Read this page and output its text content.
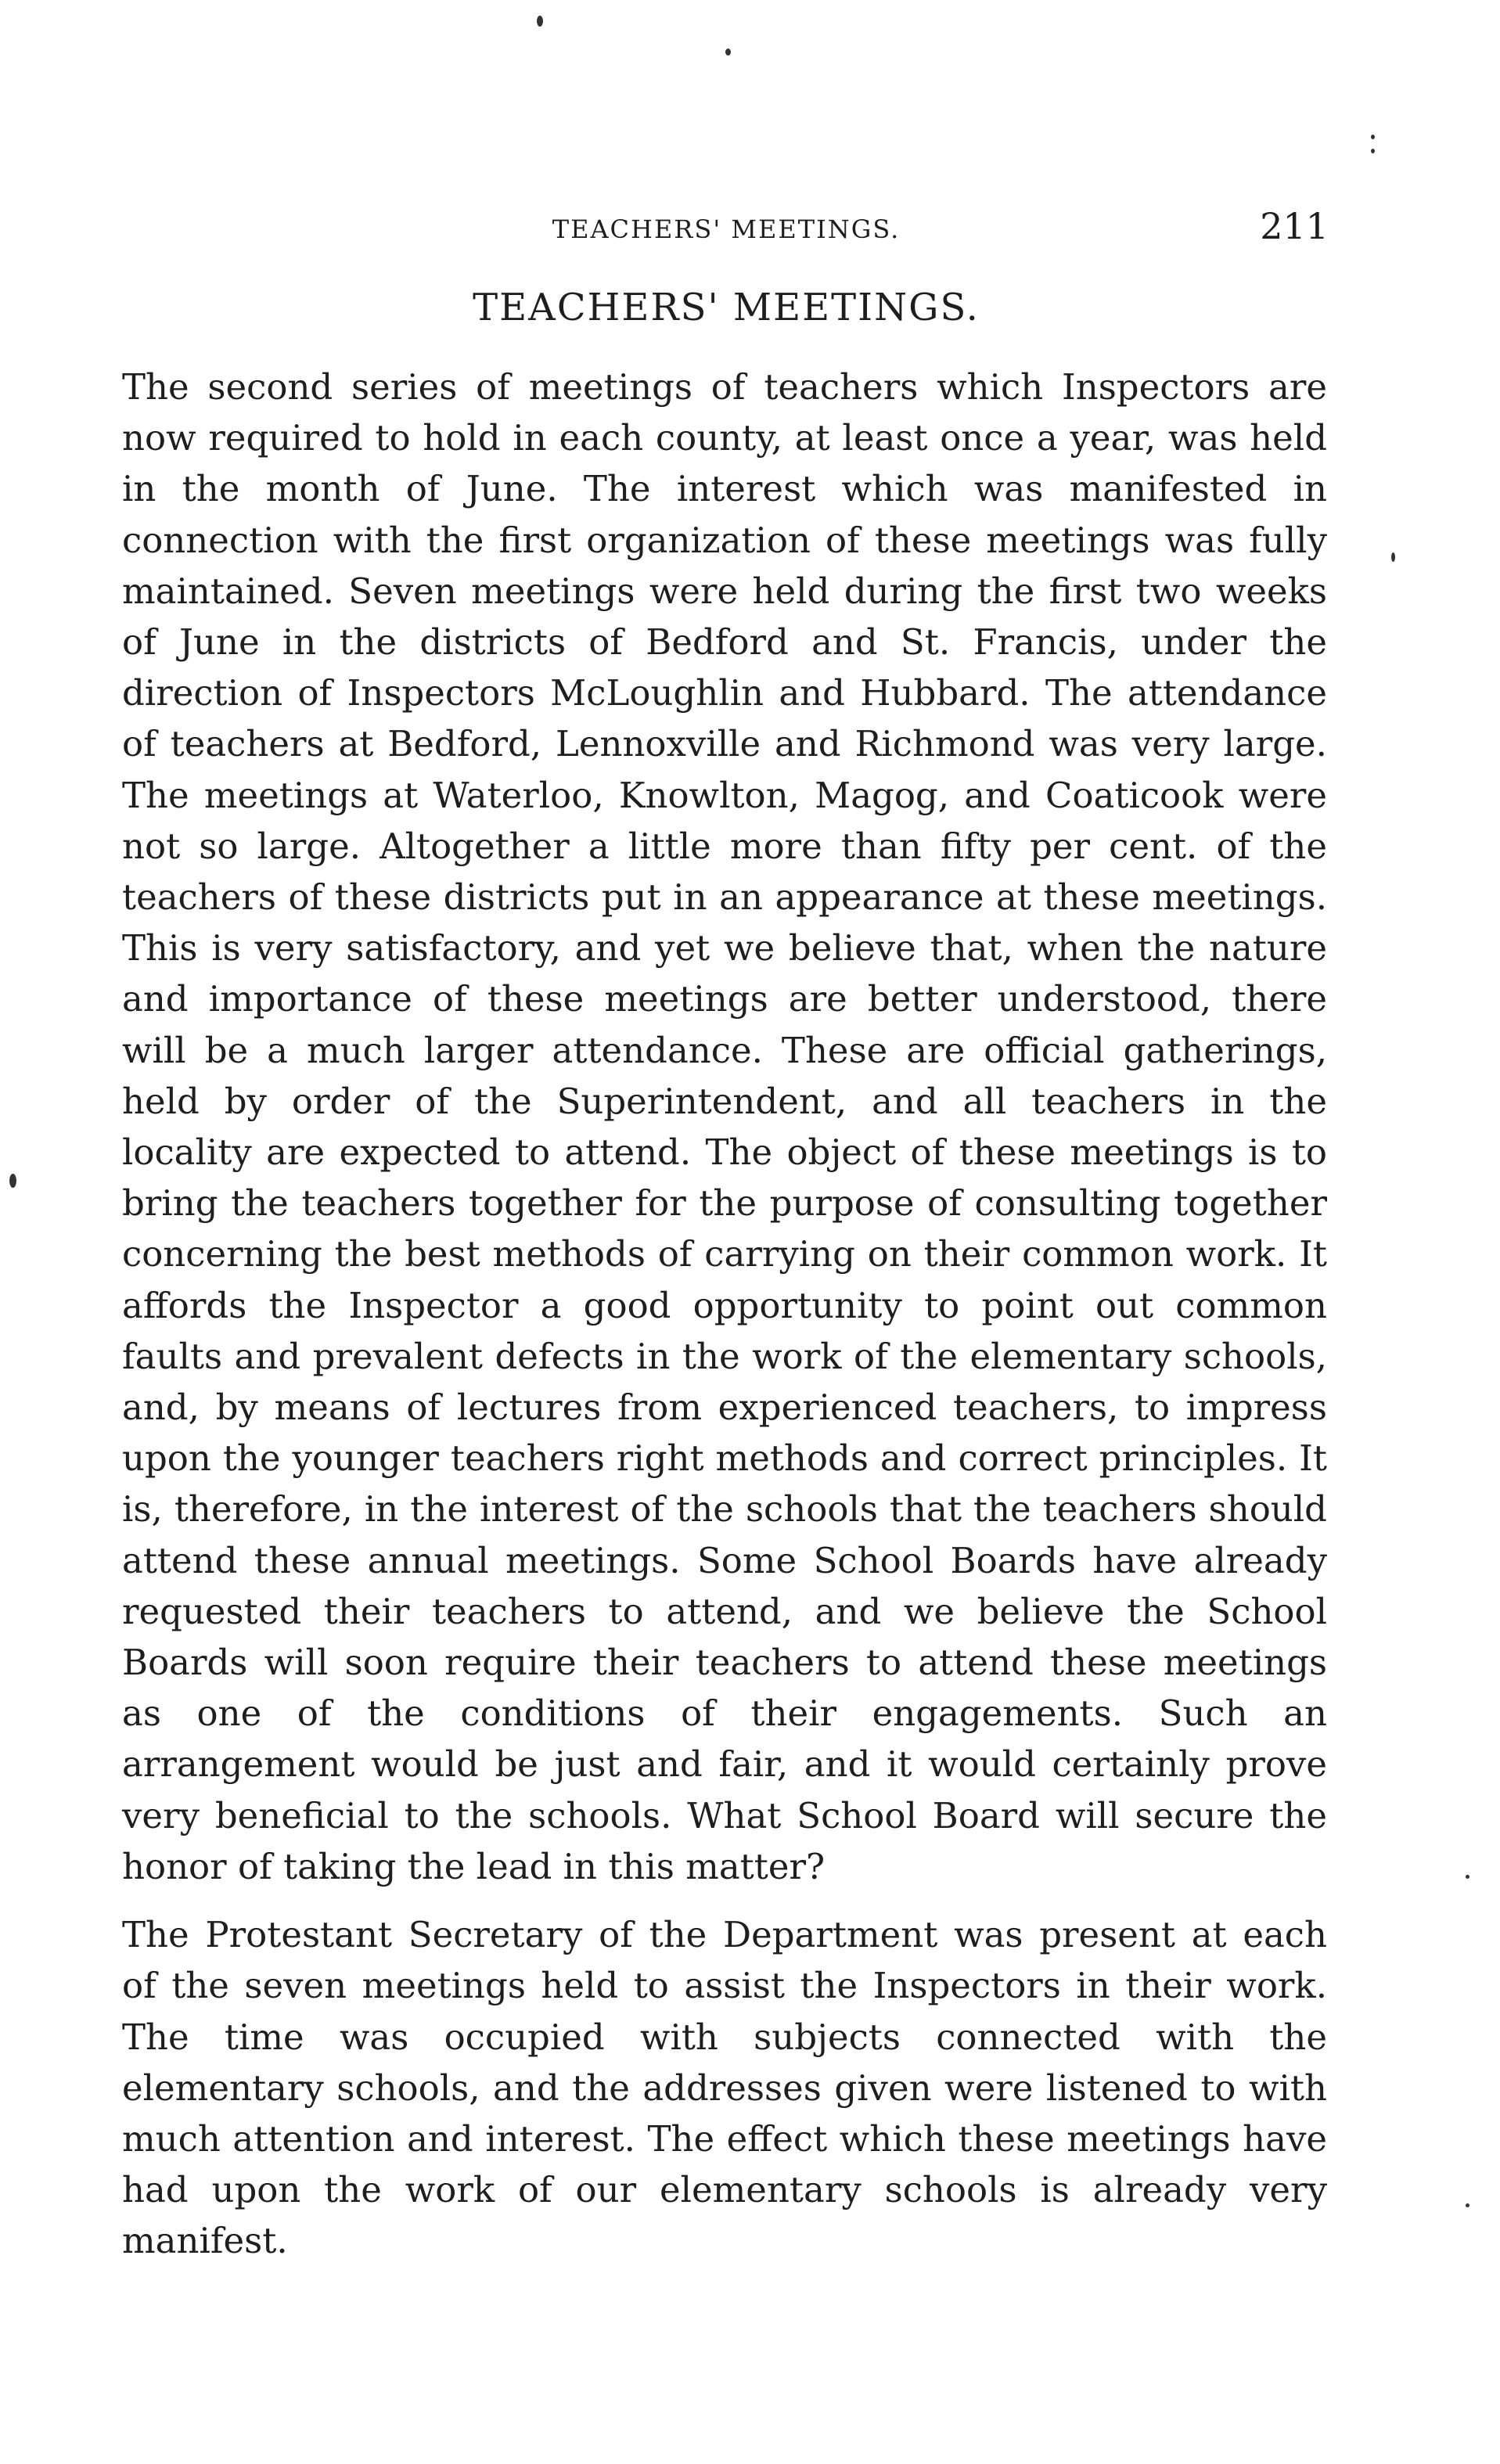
TEACHERS' MEETINGS.	211
TEACHERS' MEETINGS.

The second series of meetings of teachers which Inspectors are now required to hold in each county, at least once a year, was held in the month of June. The interest which was manifested in connection with the first organization of these meetings was fully maintained. Seven meetings were held during the first two weeks of June in the districts of Bedford and St. Francis, under the direction of Inspectors McLoughlin and Hubbard. The attendance of teachers at Bedford, Lennoxville and Richmond was very large. The meetings at Waterloo, Knowlton, Magog, and Coaticook were not so large. Altogether a little more than fifty per cent. of the teachers of these districts put in an appearance at these meetings. This is very satisfactory, and yet we believe that, when the nature and importance of these meetings are better understood, there will be a much larger attendance. These are official gatherings, held by order of the Superintendent, and all teachers in the locality are expected to attend. The object of these meetings is to bring the teachers together for the purpose of consulting together concerning the best methods of carrying on their common work. It affords the Inspector a good opportunity to point out common faults and prevalent defects in the work of the elementary schools, and, by means of lectures from experienced teachers, to impress upon the younger teachers right methods and correct principles. It is, therefore, in the interest of the schools that the teachers should attend these annual meetings. Some School Boards have already requested their teachers to attend, and we believe the School Boards will soon require their teachers to attend these meetings as one of the conditions of their engagements. Such an arrangement would be just and fair, and it would certainly prove very beneficial to the schools. What School Board will secure the honor of taking the lead in this matter?

The Protestant Secretary of the Department was present at each of the seven meetings held to assist the Inspectors in their work. The time was occupied with subjects connected with the elementary schools, and the addresses given were listened to with much attention and interest. The effect which these meetings have had upon the work of our elementary schools is already very manifest.
